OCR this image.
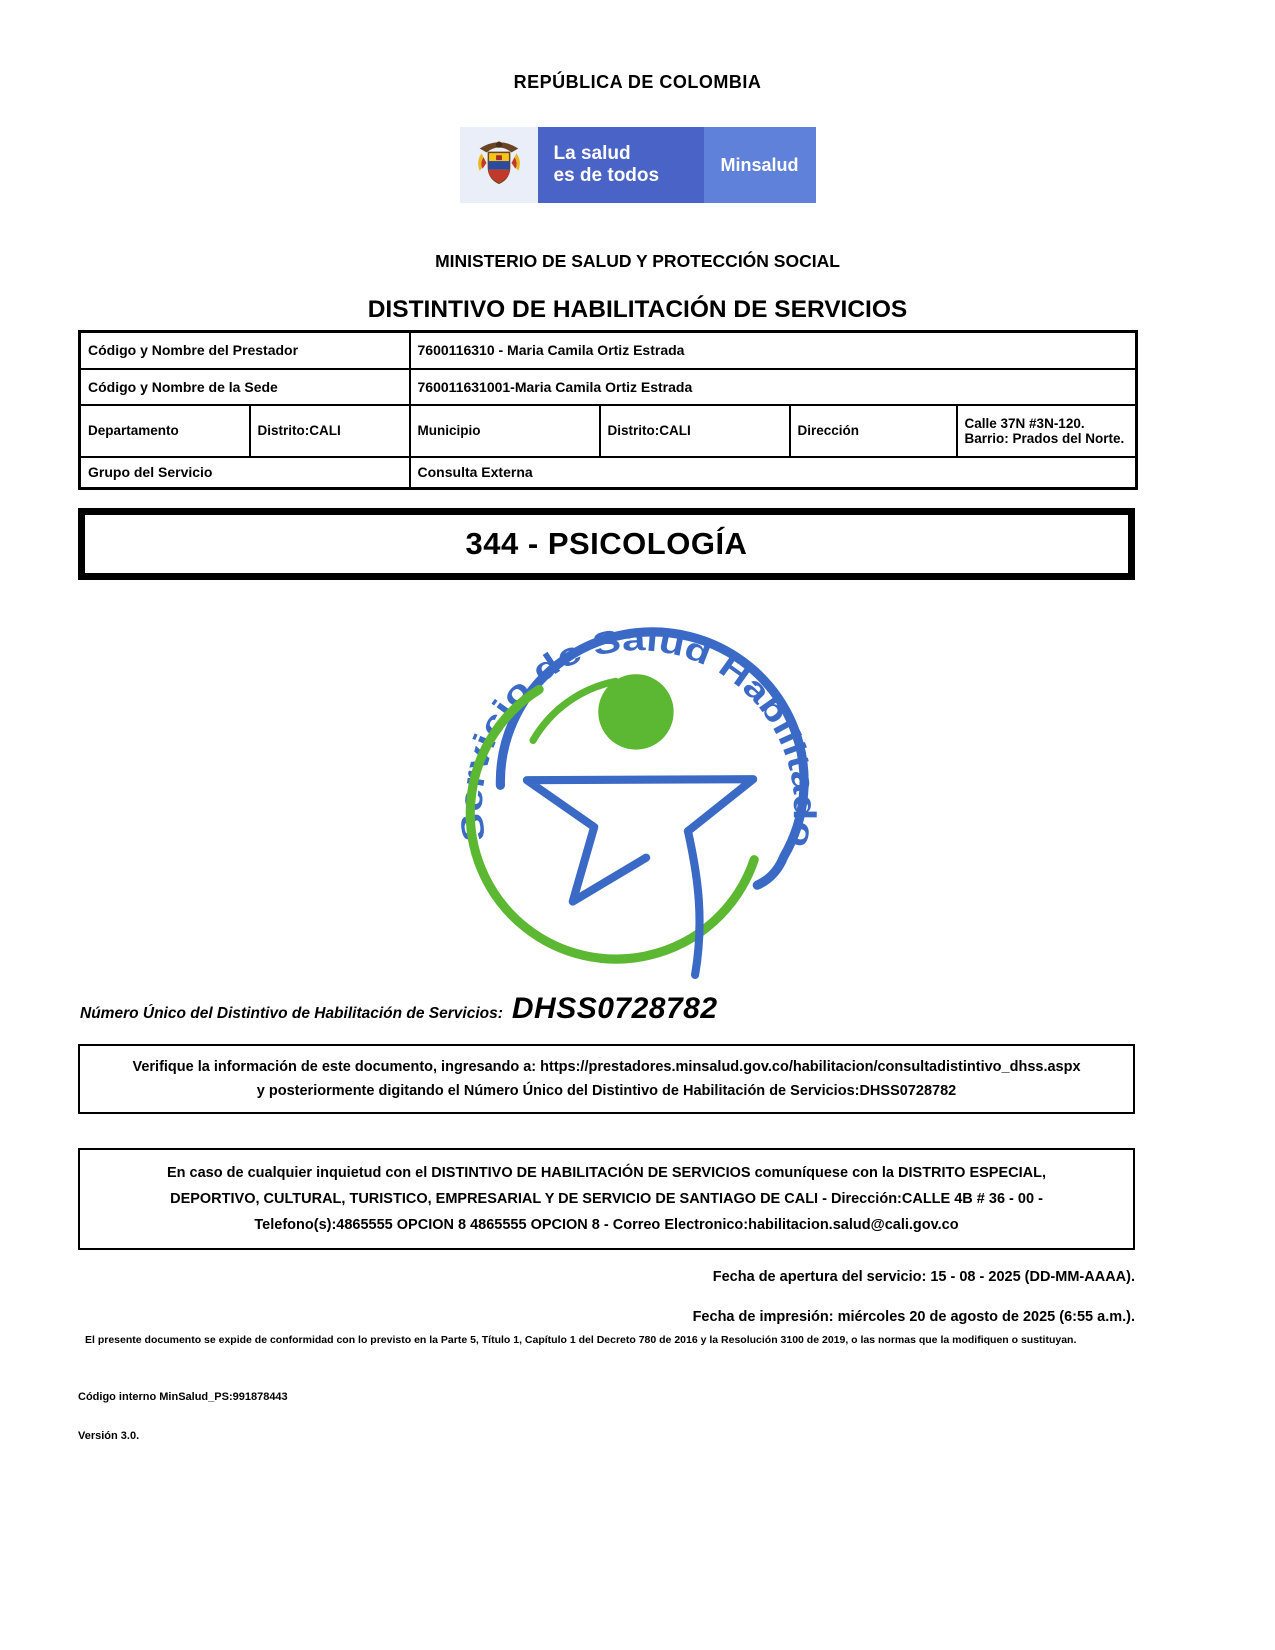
REPÚBLICA DE COLOMBIA
La salud
es de todos
Minsalud
MINISTERIO DE SALUD Y PROTECCIÓN SOCIAL
DISTINTIVO DE HABILITACIÓN DE SERVICIOS
Código y Nombre del Prestador		7600116310 - Maria Camila Ortiz Estrada			
Código y Nombre de la Sede		760011631001-Maria Camila Ortiz Estrada			
Departamento	Distrito:CALI	Municipio	Distrito:CALI	Dirección	Calle 37N #3N-120. Barrio: Prados del Norte.
Grupo del Servicio		Consulta Externa			
344 - PSICOLOGÍA
Servicio de Salud Habilitado
Número Único del Distintivo de Habilitación de Servicios: DHSS0728782
Verifique la información de este documento, ingresando a: https://prestadores.minsalud.gov.co/habilitacion/consultadistintivo_dhss.aspx
y posteriormente digitando el Número Único del Distintivo de Habilitación de Servicios:DHSS0728782
En caso de cualquier inquietud con el DISTINTIVO DE HABILITACIÓN DE SERVICIOS comuníquese con la DISTRITO ESPECIAL,
DEPORTIVO, CULTURAL, TURISTICO, EMPRESARIAL Y DE SERVICIO DE SANTIAGO DE CALI - Dirección:CALLE 4B # 36 - 00 -
Telefono(s):4865555 OPCION 8 4865555 OPCION 8 - Correo Electronico:habilitacion.salud@cali.gov.co
Fecha de apertura del servicio: 15 - 08 - 2025 (DD-MM-AAAA).
Fecha de impresión: miércoles 20 de agosto de 2025 (6:55 a.m.).
El presente documento se expide de conformidad con lo previsto en la Parte 5, Título 1, Capítulo 1 del Decreto 780 de 2016 y la Resolución 3100 de 2019, o las normas que la modifiquen o sustituyan.
Código interno MinSalud_PS:991878443
Versión 3.0.
